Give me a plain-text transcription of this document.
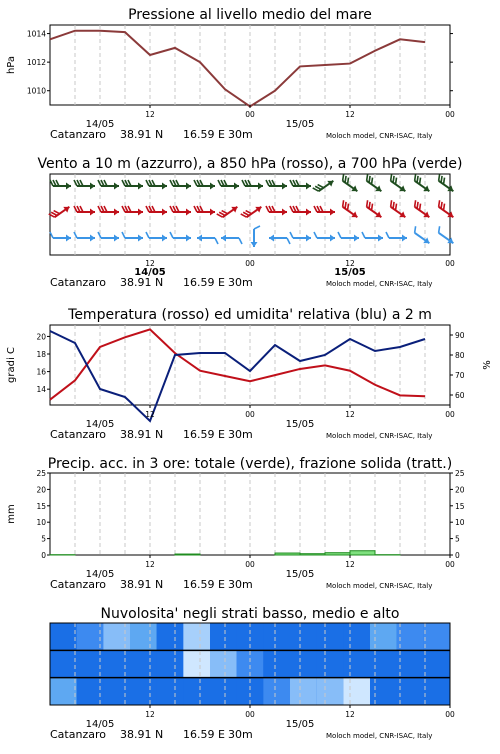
Pressione al livello medio del mare
1010
1012
1014
hPa
12	00	12	00
14/05	15/05
Catanzaro 38.91 N 16.59 E 30m	Moloch model, CNR-ISAC, Italy
Vento a 10 m (azzurro), a 850 hPa (rosso), a 700 hPa (verde)
12	00	12	00
14/05	15/05
Catanzaro 38.91 N 16.59 E 30m	Moloch model, CNR-ISAC, Italy
Temperatura (rosso) ed umidita' relativa (blu) a 2 m
14
16
18
20
60
70
80
90
gradi C	%
12	00	12	00
14/05	15/05
Catanzaro 38.91 N 16.59 E 30m	Moloch model, CNR-ISAC, Italy
Precip. acc. in 3 ore: totale (verde), frazione solida (tratt.)
0	0
5	5
10	10
15	15
20	20
25	25
mm
12	00	12	00
14/05	15/05
Catanzaro 38.91 N 16.59 E 30m	Moloch model, CNR-ISAC, Italy
Nuvolosita' negli strati basso, medio e alto
12	00	12	00
14/05	15/05
Catanzaro 38.91 N 16.59 E 30m	Moloch model, CNR-ISAC, Italy
